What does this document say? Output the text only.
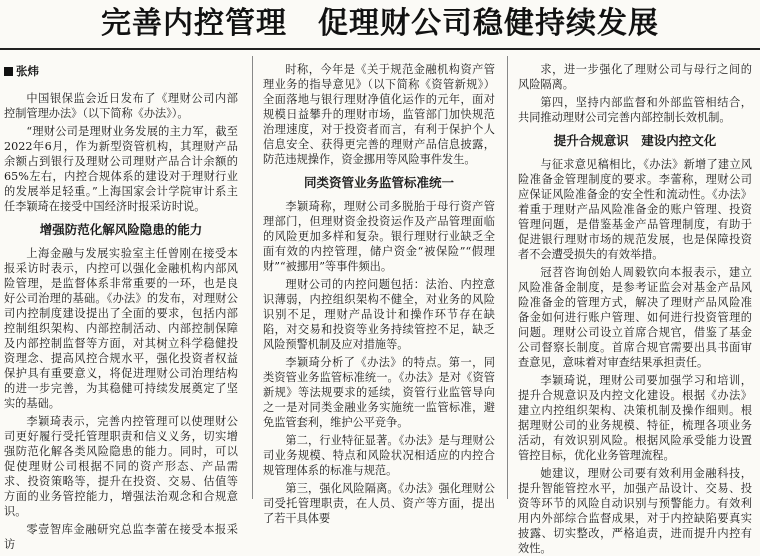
完善内控管理　促理财公司稳健持续发展
张炜

中国银保监会近日发布了《理财公司内部控制管理办法》（以下简称《办法》）。

“理财公司是理财业务发展的主力军，截至2022年6月，作为新型资管机构，其理财产品余额占到银行及理财公司理财产品合计余额的65%左右，内控合规体系的建设对于理财行业的发展举足轻重。”上海国家会计学院审计系主任李颖琦在接受中国经济时报采访时说。

增强防范化解风险隐患的能力

上海金融与发展实验室主任曾刚在接受本报采访时表示，内控可以强化金融机构内部风险管理，是监督体系非常重要的一环，也是良好公司治理的基础。《办法》的发布，对理财公司内控制度建设提出了全面的要求，包括内部控制组织架构、内部控制活动、内部控制保障及内部控制监督等方面，对其树立科学稳健投资理念、提高风控合规水平，强化投资者权益保护具有重要意义，将促进理财公司治理结构的进一步完善，为其稳健可持续发展奠定了坚实的基础。

李颖琦表示，完善内控管理可以使理财公司更好履行受托管理职责和信义义务，切实增强防范化解各类风险隐患的能力。同时，可以促使理财公司根据不同的资产形态、产品需求、投资策略等，提升在投资、交易、估值等方面的业务管控能力，增强法治观念和合规意识。

零壹智库金融研究总监李蕾在接受本报采访

时称，今年是《关于规范金融机构资产管理业务的指导意见》（以下简称《资管新规》）全面落地与银行理财净值化运作的元年，面对规模日益攀升的理财市场，监管部门加快规范治理速度，对于投资者而言，有利于保护个人信息安全、获得更完善的理财产品信息披露，防范违规操作，资金挪用等风险事件发生。

同类资管业务监管标准统一

李颖琦称，理财公司多脱胎于母行资产管理部门，但理财资金投资运作及产品管理面临的风险更加多样和复杂。银行理财行业缺乏全面有效的内控管理，储户资金“被保险”“假理财”“被挪用”等事件频出。

理财公司的内控问题包括：法治、内控意识薄弱，内控组织架构不健全，对业务的风险识别不足，理财产品设计和操作环节存在缺陷，对交易和投资等业务持续管控不足，缺乏风险预警机制及应对措施等。

李颖琦分析了《办法》的特点。第一，同类资管业务监管标准统一。《办法》是对《资管新规》等法规要求的延续，资管行业监管导向之一是对同类金融业务实施统一监管标准，避免监管套利，维护公平竞争。

第二，行业特征显著。《办法》是与理财公司业务规模、特点和风险状况相适应的内控合规管理体系的标准与规范。

第三，强化风险隔离。《办法》强化理财公司受托管理职责，在人员、资产等方面，提出了若干具体要

求，进一步强化了理财公司与母行之间的风险隔离。

第四，坚持内部监督和外部监管相结合，共同推动理财公司完善内部控制长效机制。

提升合规意识　建设内控文化

与征求意见稿相比，《办法》新增了建立风险准备金管理制度的要求。李蕾称，理财公司应保证风险准备金的安全性和流动性。《办法》着重于理财产品风险准备金的账户管理、投资管理问题，是借鉴基金产品管理制度，有助于促进银行理财市场的规范发展，也是保障投资者不会遭受损失的有效举措。

冠苕咨询创始人周毅钦向本报表示，建立风险准备金制度，是参考证监会对基金产品风险准备金的管理方式，解决了理财产品风险准备金如何进行账户管理、如何进行投资管理的问题。理财公司设立首席合规官，借鉴了基金公司督察长制度。首席合规官需要出具书面审查意见，意味着对审查结果承担责任。

李颖琦说，理财公司要加强学习和培训，提升合规意识及内控文化建设。根据《办法》建立内控组织架构、决策机制及操作细则。根据理财公司的业务规模、特征，梳理各项业务活动，有效识别风险。根据风险承受能力设置管控目标，优化业务管理流程。

她建议，理财公司要有效利用金融科技，提升智能管控水平，加强产品设计、交易、投资等环节的风险自动识别与预警能力。有效利用内外部综合监督成果，对于内控缺陷要真实披露、切实整改，严格追责，进而提升内控有效性。
